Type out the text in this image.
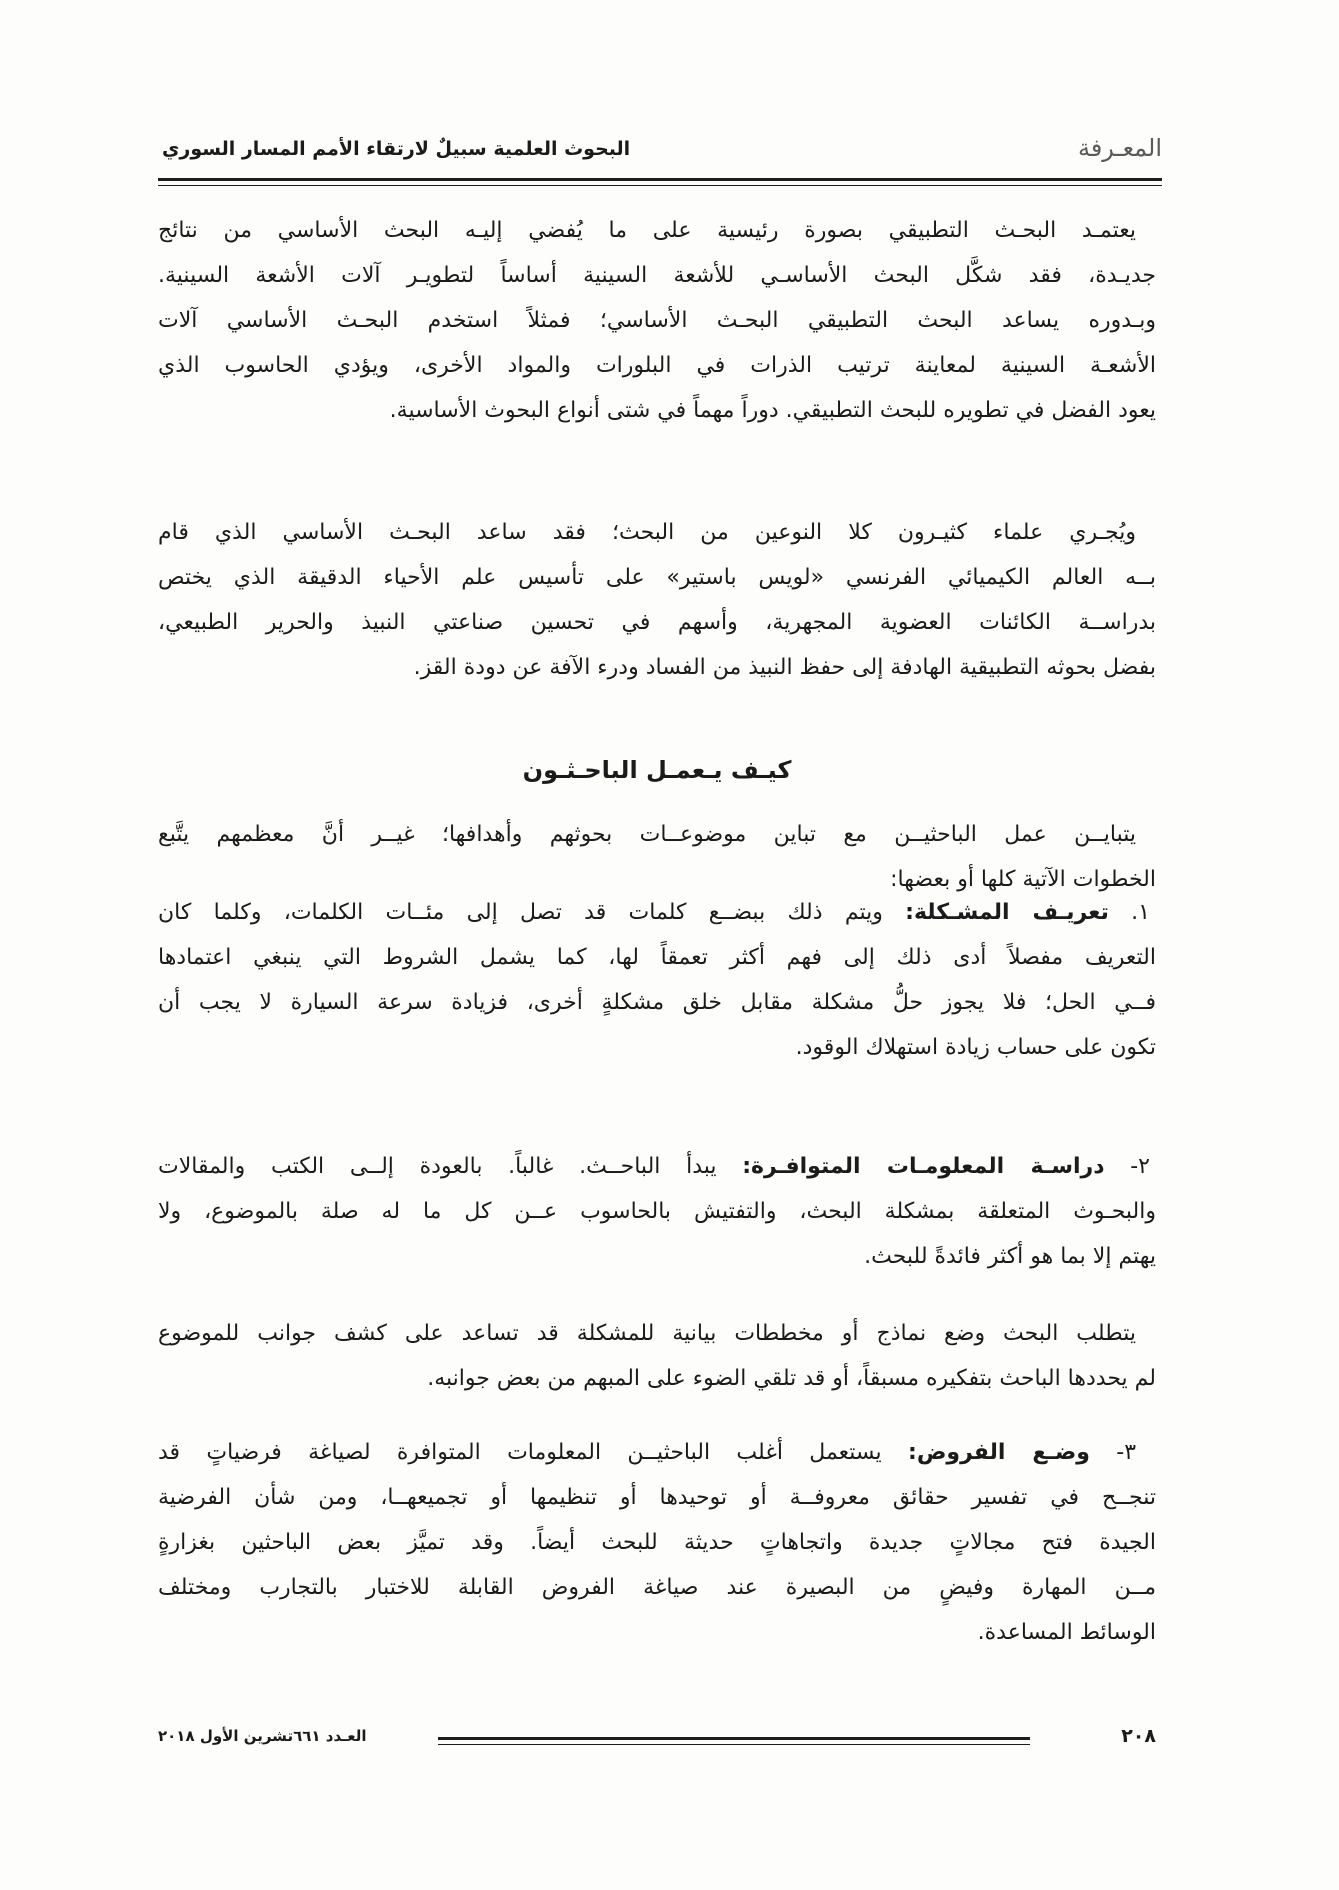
المعـرفة
البحوث العلمية سبيلٌ لارتقاء الأمم المسار السوري
يعتمـد البحـث التطبيقي بصورة رئيسية على ما يُفضي إليـه البحث الأساسي من نتائج
جديـدة، فقد شكَّل البحث الأساسـي للأشعة السينية أساساً لتطويـر آلات الأشعة السينية.
وبـدوره يساعد البحث التطبيقي البحـث الأساسي؛ فمثلاً استخدم البحـث الأساسي آلات
الأشعـة السينية لمعاينة ترتيب الذرات في البلورات والمواد الأخرى، ويؤدي الحاسوب الذي
يعود الفضل في تطويره للبحث التطبيقي. دوراً مهماً في شتى أنواع البحوث الأساسية.
ويُجـري علماء كثيـرون كلا النوعين من البحث؛ فقد ساعد البحـث الأساسي الذي قام
بــه العالم الكيميائي الفرنسي «لويس باستير» على تأسيس علم الأحياء الدقيقة الذي يختص
بدراســة الكائنات العضوية المجهرية، وأسهم في تحسين صناعتي النبيذ والحرير الطبيعي،
بفضل بحوثه التطبيقية الهادفة إلى حفظ النبيذ من الفساد ودرء الآفة عن دودة القز.
كيـف يـعمـل الباحـثـون
يتبايــن عمل الباحثيــن مع تباين موضوعــات بحوثهم وأهدافها؛ غيــر أنَّ معظمهم يتَّبع
الخطوات الآتية كلها أو بعضها:
١. تعريـف المشـكلة: ويتم ذلك ببضــع كلمات قد تصل إلى مئــات الكلمات، وكلما كان
التعريف مفصلاً أدى ذلك إلى فهم أكثر تعمقاً لها، كما يشمل الشروط التي ينبغي اعتمادها
فــي الحل؛ فلا يجوز حلُّ مشكلة مقابل خلق مشكلةٍ أخرى، فزيادة سرعة السيارة لا يجب أن
تكون على حساب زيادة استهلاك الوقود.
٢- دراسـة المعلومـات المتوافـرة: يبدأ الباحــث. غالباً. بالعودة إلــى الكتب والمقالات
والبحـوث المتعلقة بمشكلة البحث، والتفتيش بالحاسوب عــن كل ما له صلة بالموضوع، ولا
يهتم إلا بما هو أكثر فائدةً للبحث.
يتطلب البحث وضع نماذج أو مخططات بيانية للمشكلة قد تساعد على كشف جوانب للموضوع
لم يحددها الباحث بتفكيره مسبقاً، أو قد تلقي الضوء على المبهم من بعض جوانبه.
٣- وضـع الفروض: يستعمل أغلب الباحثيــن المعلومات المتوافرة لصياغة فرضياتٍ قد
تنجــح في تفسير حقائق معروفــة أو توحيدها أو تنظيمها أو تجميعهــا، ومن شأن الفرضية
الجيدة فتح مجالاتٍ جديدة واتجاهاتٍ حديثة للبحث أيضاً. وقد تميَّز بعض الباحثين بغزارةٍ
مــن المهارة وفيضٍ من البصيرة عند صياغة الفروض القابلة للاختبار بالتجارب ومختلف
الوسائط المساعدة.
٢٠٨
العـدد ٦٦١تشرين الأول ٢٠١٨
